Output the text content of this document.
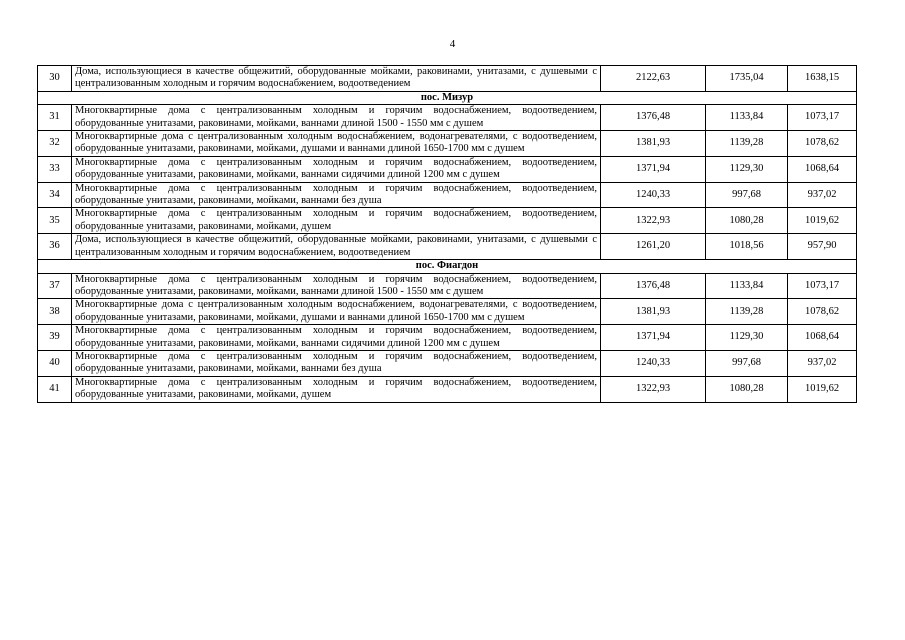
4
30	Дома, использующиеся в качестве общежитий, оборудованные мойками, раковинами, унитазами, с душевыми с централизованным холодным и горячим водоснабжением, водоотведением	2122,63	1735,04	1638,15
пос. Мизур				
31	Многоквартирные дома с централизованным холодным и горячим водоснабжением, водоотведением, оборудованные унитазами, раковинами, мойками, ваннами длиной 1500 - 1550 мм с душем	1376,48	1133,84	1073,17
32	Многоквартирные дома с централизованным холодным водоснабжением, водонагревателями, с водоотведением, оборудованные унитазами, раковинами, мойками, душами и ваннами длиной 1650-1700 мм с душем	1381,93	1139,28	1078,62
33	Многоквартирные дома с централизованным холодным и горячим водоснабжением, водоотведением, оборудованные унитазами, раковинами, мойками, ваннами сидячими длиной 1200 мм с душем	1371,94	1129,30	1068,64
34	Многоквартирные дома с централизованным холодным и горячим водоснабжением, водоотведением, оборудованные унитазами, раковинами, мойками, ваннами без душа	1240,33	997,68	937,02
35	Многоквартирные дома с централизованным холодным и горячим водоснабжением, водоотведением, оборудованные унитазами, раковинами, мойками, душем	1322,93	1080,28	1019,62
36	Дома, использующиеся в качестве общежитий, оборудованные мойками, раковинами, унитазами, с душевыми с централизованным холодным и горячим водоснабжением, водоотведением	1261,20	1018,56	957,90
пос. Фиагдон				
37	Многоквартирные дома с централизованным холодным и горячим водоснабжением, водоотведением, оборудованные унитазами, раковинами, мойками, ваннами длиной 1500 - 1550 мм с душем	1376,48	1133,84	1073,17
38	Многоквартирные дома с централизованным холодным водоснабжением, водонагревателями, с водоотведением, оборудованные унитазами, раковинами, мойками, душами и ваннами длиной 1650-1700 мм с душем	1381,93	1139,28	1078,62
39	Многоквартирные дома с централизованным холодным и горячим водоснабжением, водоотведением, оборудованные унитазами, раковинами, мойками, ваннами сидячими длиной 1200 мм с душем	1371,94	1129,30	1068,64
40	Многоквартирные дома с централизованным холодным и горячим водоснабжением, водоотведением, оборудованные унитазами, раковинами, мойками, ваннами без душа	1240,33	997,68	937,02
41	Многоквартирные дома с централизованным холодным и горячим водоснабжением, водоотведением, оборудованные унитазами, раковинами, мойками, душем	1322,93	1080,28	1019,62
